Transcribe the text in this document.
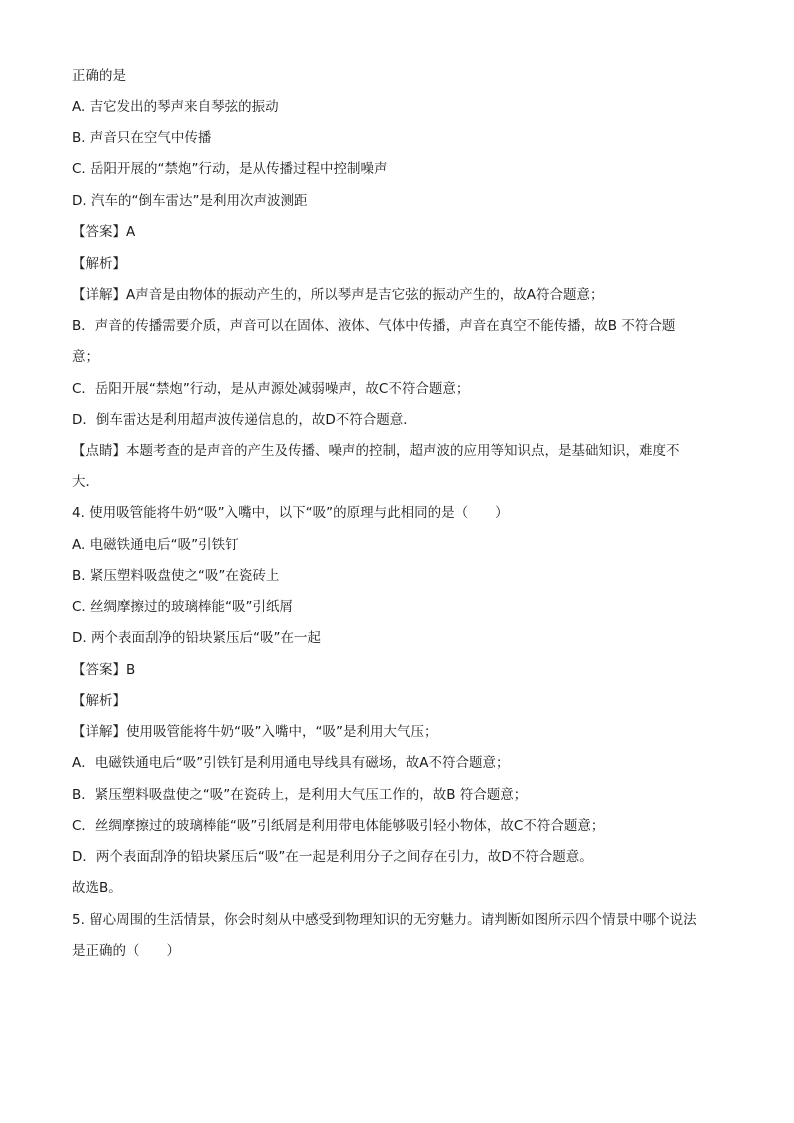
正确的是
A. 吉它发出的琴声来自琴弦的振动
B. 声音只在空气中传播
C. 岳阳开展的“禁炮”行动，是从传播过程中控制噪声
D. 汽车的“倒车雷达”是利用次声波测距
【答案】A
【解析】
【详解】A声音是由物体的振动产生的，所以琴声是吉它弦的振动产生的，故A符合题意；
B．声音的传播需要介质，声音可以在固体、液体、气体中传播，声音在真空不能传播，故B 不符合题
意；
C．岳阳开展“禁炮”行动，是从声源处减弱噪声，故C不符合题意；
D．倒车雷达是利用超声波传递信息的，故D不符合题意．
【点睛】本题考查的是声音的产生及传播、噪声的控制，超声波的应用等知识点，是基础知识，难度不
大．
4. 使用吸管能将牛奶“吸”入嘴中，以下“吸”的原理与此相同的是（　　）
A. 电磁铁通电后“吸”引铁钉
B. 紧压塑料吸盘使之“吸”在瓷砖上
C. 丝绸摩擦过的玻璃棒能“吸”引纸屑
D. 两个表面刮净的铅块紧压后“吸”在一起
【答案】B
【解析】
【详解】使用吸管能将牛奶“吸”入嘴中，“吸”是利用大气压；
A．电磁铁通电后“吸”引铁钉是利用通电导线具有磁场，故A不符合题意；
B．紧压塑料吸盘使之“吸”在瓷砖上，是利用大气压工作的，故B 符合题意；
C．丝绸摩擦过的玻璃棒能“吸”引纸屑是利用带电体能够吸引轻小物体，故C不符合题意；
D．两个表面刮净的铅块紧压后“吸”在一起是利用分子之间存在引力，故D不符合题意。
故选B。
5. 留心周围的生活情景，你会时刻从中感受到物理知识的无穷魅力。请判断如图所示四个情景中哪个说法
是正确的（　　）
